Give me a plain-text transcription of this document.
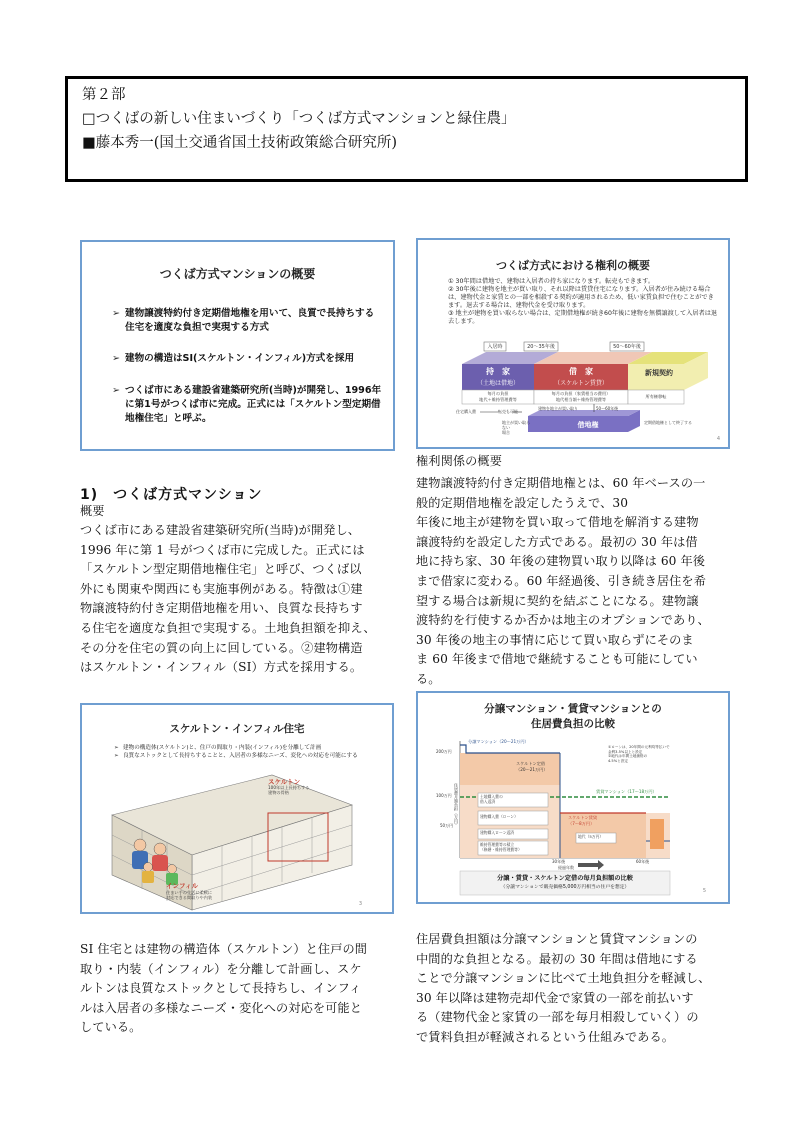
第２部
□つくばの新しい住まいづくり「つくば方式マンションと緑住農」
■藤本秀一(国土交通省国土技術政策総合研究所)
つくば方式マンションの概要
➢ 建物譲渡特約付き定期借地権を用いて、良質で長持ちする住宅を適度な負担で実現する方式
➢ 建物の構造はSI(スケルトン・インフィル)方式を採用
➢ つくば市にある建設省建築研究所(当時)が開発し、1996年に第1号がつくば市に完成。正式には「スケルトン型定期借地権住宅」と呼ぶ。
つくば方式における権利の概要
① 30年間は借地で、建物は入居者の持ち家になります。転売もできます。
② 30年後に建物を地主が買い取り、それ以降は賃貸住宅になります。入居者が住み続ける場合は、建物代金と家賃との一部を相殺する契約が適用されるため、低い家賃負担で住むことができます。退去する場合は、建物代金を受け取ります。
③ 地主が建物を買い取らない場合は、定期借地権が続き60年後に建物を無償譲渡して入居者は退去します。
入居時	20～35年後	50～60年後
持　家
（土地は借地）
借　家
（スケルトン賃貸）
新規契約
毎月の負担
地代＋維持管理費等
毎月の負担（家賃相当の費用）
地代相当額＋維持管理費等	所有権移転
住宅購入費	転売も可能
建物を地主が買い取り	50～60年後
借地権	定期借地権として終了する
地主が買い取らない
場合
4
権利関係の概要

建物譲渡特約付き定期借地権とは、60 年ベースの一

般的定期借地権を設定したうえで、30

年後に地主が建物を買い取って借地を解消する建物

譲渡特約を設定した方式である。最初の 30 年は借

地に持ち家、30 年後の建物買い取り以降は 60 年後

まで借家に変わる。60 年経過後、引き続き居住を希

望する場合は新規に契約を結ぶことになる。建物譲

渡特約を行使するか否かは地主のオプションであり、

30 年後の地主の事情に応じて買い取らずにそのま

ま 60 年後まで借地で継続することも可能にしてい

る。

1)　つくば方式マンション
概要

つくば市にある建設省建築研究所(当時)が開発し、

1996 年に第 1 号がつくば市に完成した。正式には

「スケルトン型定期借地権住宅」と呼び、つくば以

外にも関東や関西にも実施事例がある。特徴は①建

物譲渡特約付き定期借地権を用い、良質な長持ちす

る住宅を適度な負担で実現する。土地負担額を抑え、

その分を住宅の質の向上に回している。②建物構造

はスケルトン・インフィル（SI）方式を採用する。

スケルトン・インフィル住宅
➢ 建物の構造体(スケルトン)と、住戸の間取り・内装(インフィル)を分離して計画
➢ 良質なストックとして長持ちすることと、入居者の多様なニーズ、変化への対応を可能にする
スケルトン
100年以上長持ちする
建物の骨格
インフィル
住まい手の生活に柔軟に
対応できる間取りや内装
3
分譲マンション・賃貸マンションとの
住居費負担の比較
住居費月額負担（万円）
200万円
100万円
50万円
分譲マンション（20～21万円）
賃貸マンション（17～18万円）
スケルトン賃貸
（7～8万円）
スケルトン定借
（20～21万円）
土地購入費の
借入返済
建物購入費（ローン）
建物購入ローン返済
地代（5万円）
維持管理費等の積立
（修繕・維持管理費等）
①ローンは、20年間の元利均等払いで
金利3.5%以上と設定
②地代は年間土地価格の
4.5%と設定
30年後	60年後
経過年数
分譲・賃貸・スケルトン定借の毎月負担額の比較
（分譲マンションで販売価格5,000万円相当の住戸を想定）
5

SI 住宅とは建物の構造体（スケルトン）と住戸の間

取り・内装（インフィル）を分離して計画し、スケ

ルトンは良質なストックとして長持ちし、インフィ

ルは入居者の多様なニーズ・変化への対応を可能と

している。

住居費負担額は分譲マンションと賃貸マンションの

中間的な負担となる。最初の 30 年間は借地にする

ことで分譲マンションに比べて土地負担分を軽減し、

30 年以降は建物売却代金で家賃の一部を前払いす

る（建物代金と家賃の一部を毎月相殺していく）の

で賃料負担が軽減されるという仕組みである。
